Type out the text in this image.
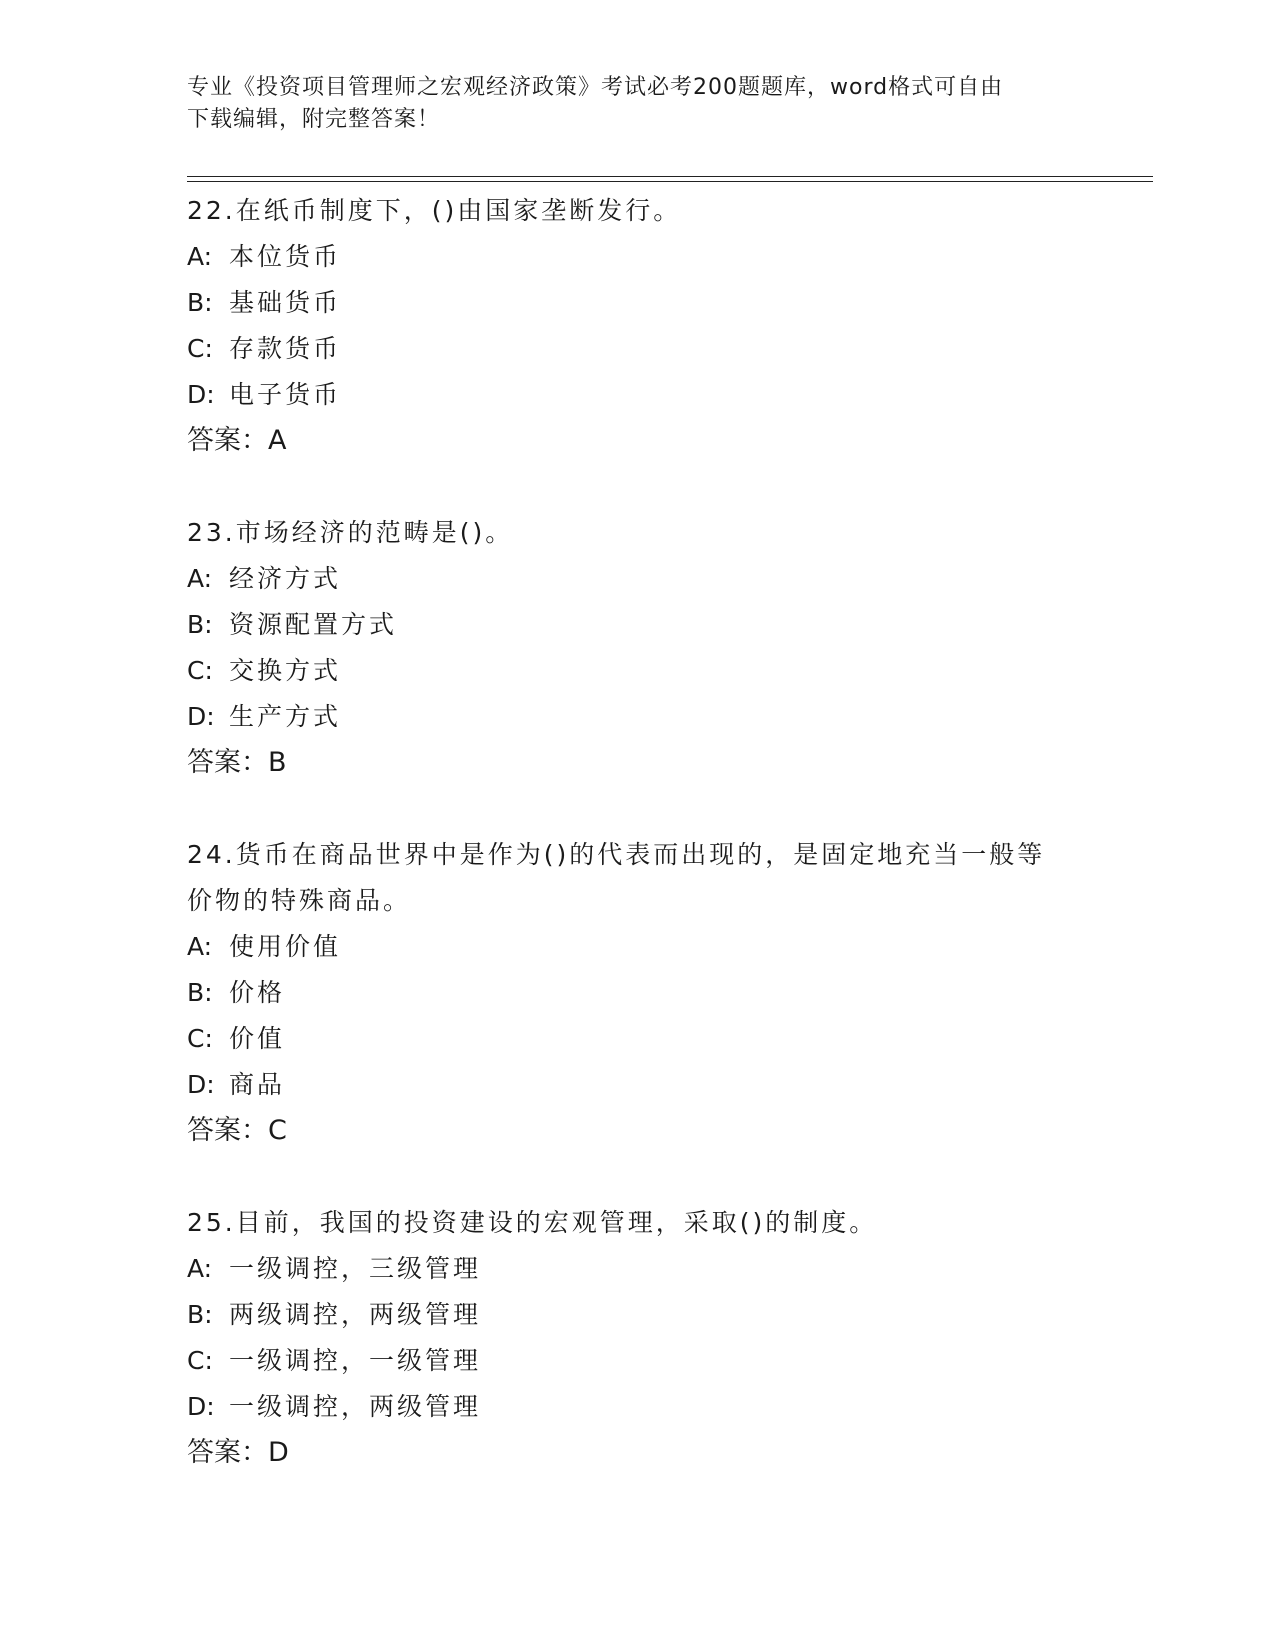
专业《投资项目管理师之宏观经济政策》考试必考200题题库，word格式可自由
下载编辑，附完整答案！
22.在纸币制度下，()由国家垄断发行。
A: 本位货币
B: 基础货币
C: 存款货币
D: 电子货币
答案：A
23.市场经济的范畴是()。
A: 经济方式
B: 资源配置方式
C: 交换方式
D: 生产方式
答案：B
24.货币在商品世界中是作为()的代表而出现的，是固定地充当一般等
价物的特殊商品。
A: 使用价值
B: 价格
C: 价值
D: 商品
答案：C
25.目前，我国的投资建设的宏观管理，采取()的制度。
A: 一级调控，三级管理
B: 两级调控，两级管理
C: 一级调控，一级管理
D: 一级调控，两级管理
答案：D
